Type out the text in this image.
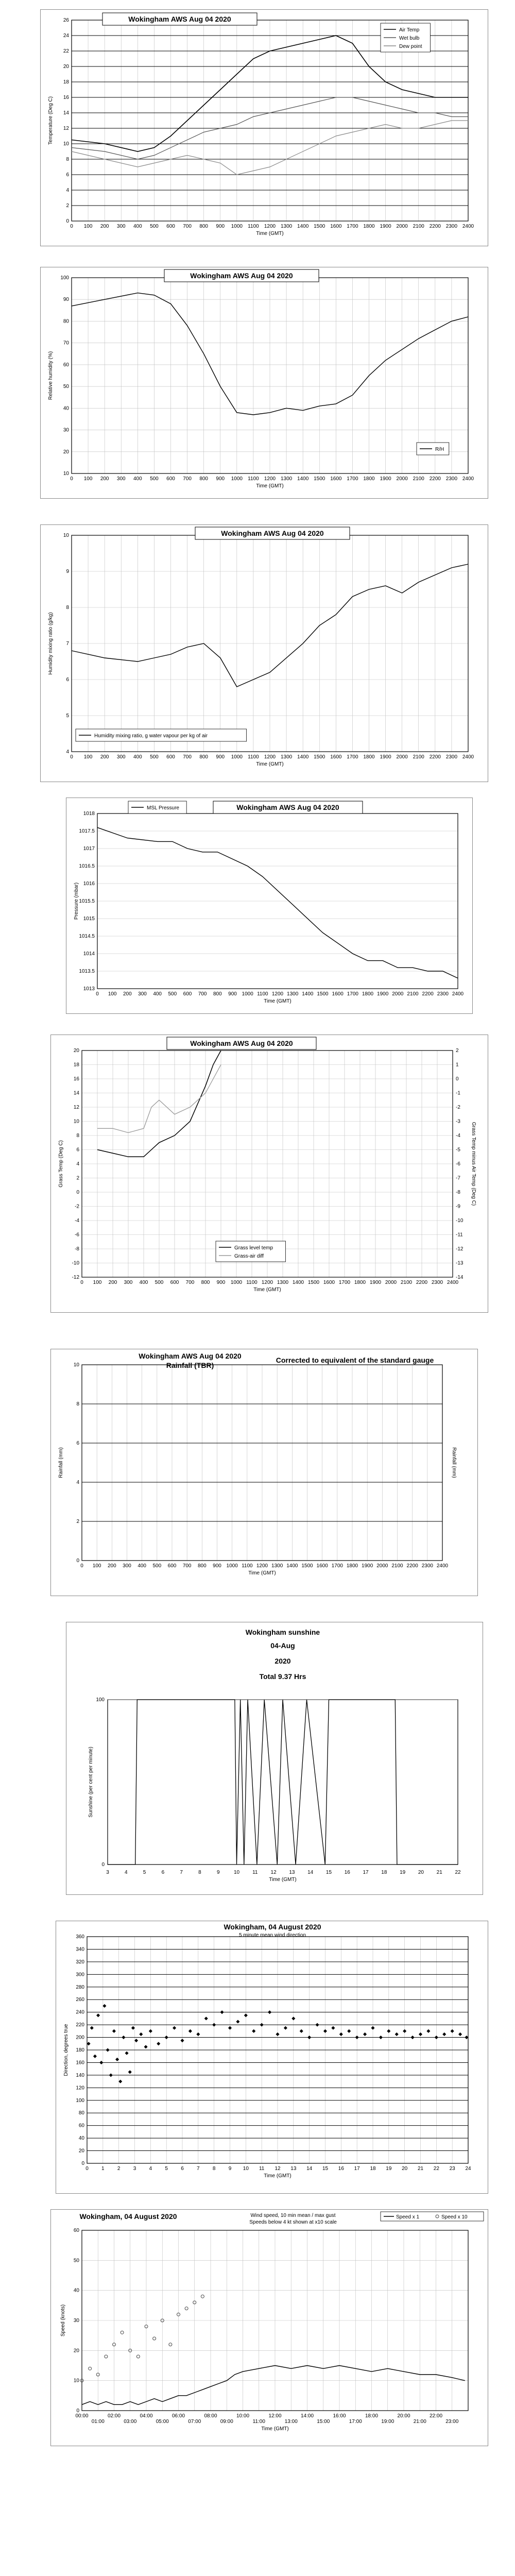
0
2
4
6
8
10
12
14
16
18
20
22
24
26
0 100 200 300 400 500 600 700 800 900 1000 1100 1200 1300 1400 1500 1600 1700 1800 1900 2000 2100 2200 2300 2400
Time (GMT)
Temperature (Deg C)
Wokingham AWS Aug 04 2020
Air Temp
Wet bulb
Dew point
10
20
30
40
50
60
70
80
90
100
0 100 200 300 400 500 600 700 800 900 1000 1100 1200 1300 1400 1500 1600 1700 1800 1900 2000 2100 2200 2300 2400
Time (GMT)
Relative humidity (%)
Wokingham AWS Aug 04 2020
R/H
4
5
6
7
8
9
10
0 100 200 300 400 500 600 700 800 900 1000 1100 1200 1300 1400 1500 1600 1700 1800 1900 2000 2100 2200 2300 2400
Time (GMT)
Humidity mixing ratio (g/kg)
Wokingham AWS Aug 04 2020
Humidity mixing ratio, g water vapour per kg of air
1013
1013.5
1014
1014.5
1015
1015.5
1016
1016.5
1017
1017.5
1018
0 100 200 300 400 500 600 700 800 900 1000 1100 1200 1300 1400 1500 1600 1700 1800 1900 2000 2100 2200 2300 2400
Time (GMT)
Pressure (mbar)
MSL Pressure	Wokingham AWS Aug 04 2020
-12
-10
-8
-6
-4
-2
0
2
4
6
8
10
12
14
16
18
20
0 100 200 300 400 500 600 700 800 900 1000 1100 1200 1300 1400 1500 1600 1700 1800 1900 2000 2100 2200 2300 2400
Time (GMT)
Grass Temp (Deg C)
-14
-13
-12
-11
-10
-9
-8
-7
-6
-5
-4
-3
-2
-1
0
1
2
Grass Temp minus Air Temp (Deg C)
Wokingham AWS Aug 04 2020
Grass level temp
Grass-air diff
0
2
4
6
8
10
0 100 200 300 400 500 600 700 800 900 1000 1100 1200 1300 1400 1500 1600 1700 1800 1900 2000 2100 2200 2300 2400
Time (GMT)
Rainfall (mm)	Rainfall (mm)
Wokingham AWS Aug 04 2020
Rainfall (TBR)
Corrected to equivalent of the standard gauge
100
0
3	4	5	6	7	8	9	10	11	12 13 14 15 16 17 18 19 20 21 22
Time (GMT)
Sunshine (per cent per minute)
Wokingham sunshine
04-Aug
2020
Total 9.37 Hrs
0
20
40
60
80
100
120
140
160
180
200
220
240
260
280
300
320
340
360
0	1	2	3	4	5	6	7	8	9 10 11 12 13 14 15 16 17 18 19 20 21 22 23 24
Time (GMT)
Direction, degrees true
Wokingham, 04 August 2020
5 minute mean wind direction
0
10
20
30
40
50
60
00:00
01:00
02:00
03:00
04:00
05:00
06:00
07:00
08:00
09:00
10:00
11:00
12:00
13:00
14:00
15:00
16:00
17:00
18:00
19:00
20:00
21:00
22:00
23:00
Time (GMT)
Speed (knots)
Wokingham, 04 August 2020	Wind speed, 10 min mean / max gust
Speeds below 4 kt shown at x10 scale
Speed x 1	Speed x 10
